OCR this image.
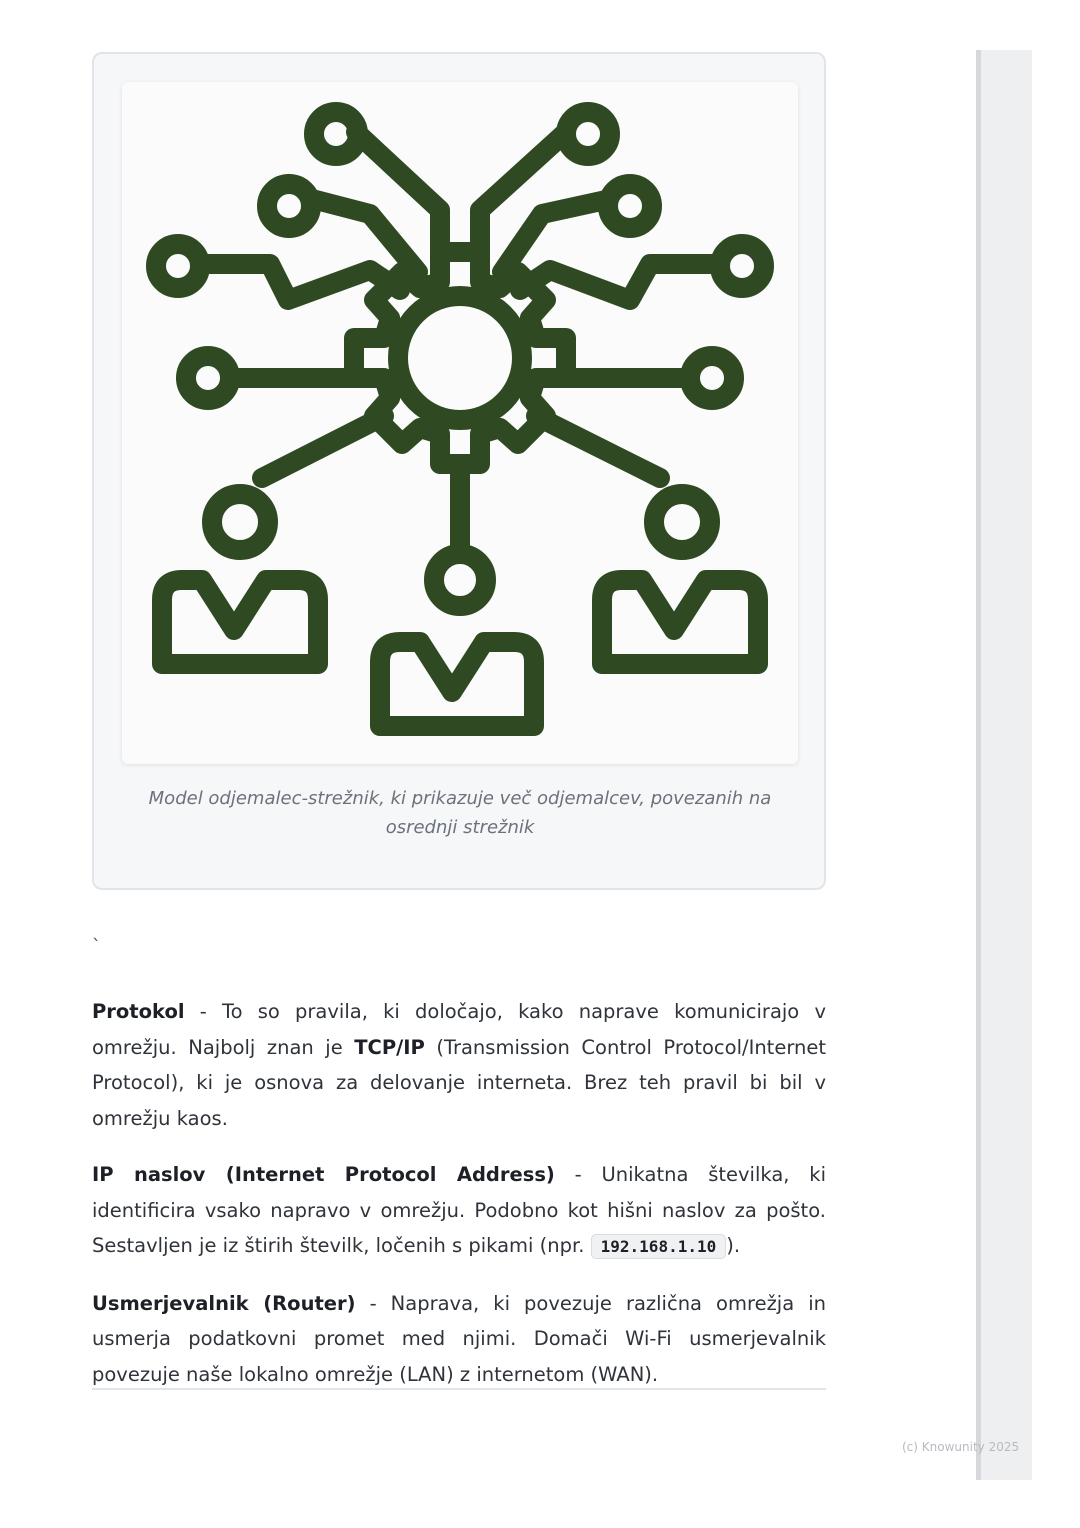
Model odjemalec-strežnik, ki prikazuje več odjemalcev, povezanih na osrednji strežnik
`

Protokol - To so pravila, ki določajo, kako naprave komunicirajo v omrežju. Najbolj znan je TCP/IP (Transmission Control Protocol/Internet Protocol), ki je osnova za delovanje interneta. Brez teh pravil bi bil v omrežju kaos.

IP naslov (Internet Protocol Address) - Unikatna številka, ki identificira vsako napravo v omrežju. Podobno kot hišni naslov za pošto. Sestavljen je iz štirih številk, ločenih s pikami (npr. 192.168.1.10 ).

Usmerjevalnik (Router) - Naprava, ki povezuje različna omrežja in usmerja podatkovni promet med njimi. Domači Wi-Fi usmerjevalnik povezuje naše lokalno omrežje (LAN) z internetom (WAN).

(c) Knowunity 2025
